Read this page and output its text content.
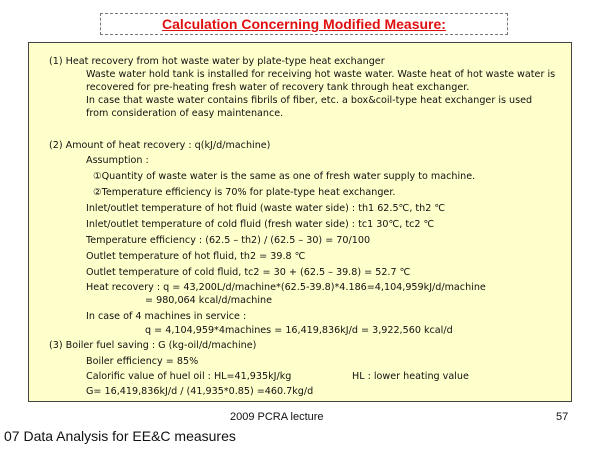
Calculation Concerning Modified Measure:
(1) Heat recovery from hot waste water by plate-type heat exchanger
Waste water hold tank is installed for receiving hot waste water. Waste heat of hot waste water is
recovered for pre-heating fresh water of recovery tank through heat exchanger.
In case that waste water contains fibrils of fiber, etc. a box&coil-type heat exchanger is used
from consideration of easy maintenance.
(2) Amount of heat recovery : q(kJ/d/machine)
Assumption :
①Quantity of waste water is the same as one of fresh water supply to machine.
②Temperature efficiency is 70% for plate-type heat exchanger.
Inlet/outlet temperature of hot fluid (waste water side) : th1 62.5℃, th2 ℃
Inlet/outlet temperature of cold fluid (fresh water side) : tc1 30℃, tc2 ℃
Temperature efficiency : (62.5 – th2) / (62.5 – 30) = 70/100
Outlet temperature of hot fluid, th2 = 39.8 ℃
Outlet temperature of cold fluid, tc2 = 30 + (62.5 – 39.8) = 52.7 ℃
Heat recovery : q = 43,200L/d/machine*(62.5-39.8)*4.186=4,104,959kJ/d/machine
= 980,064 kcal/d/machine
In case of 4 machines in service :
q = 4,104,959*4machines = 16,419,836kJ/d = 3,922,560 kcal/d
(3) Boiler fuel saving : G (kg-oil/d/machine)
Boiler efficiency = 85%
Calorific value of huel oil : HL=41,935kJ/kg	HL : lower heating value
G= 16,419,836kJ/d / (41,935*0.85) =460.7kg/d
2009 PCRA lecture	57
07 Data Analysis for EE&C measures
